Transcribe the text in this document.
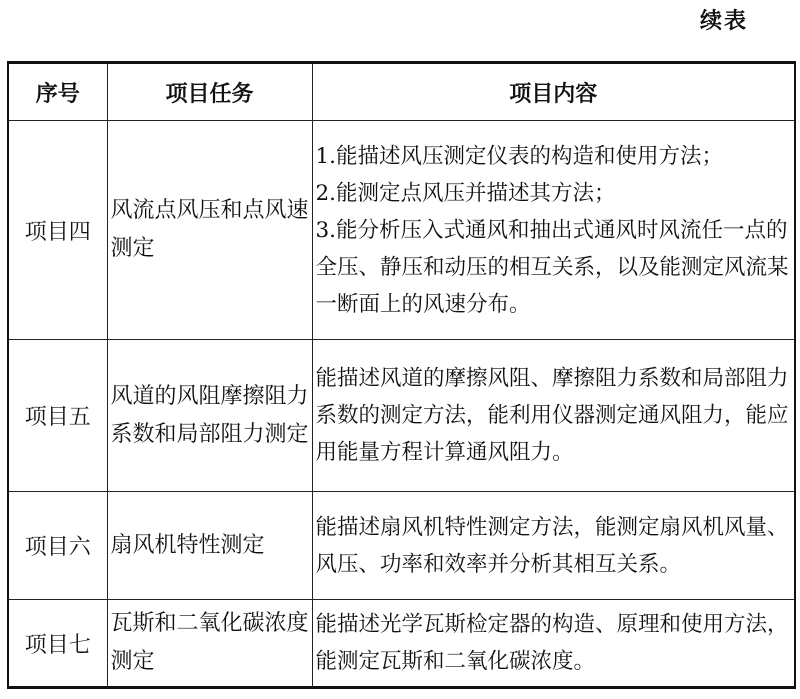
续表
序号	项目任务	项目内容
项目四	风流点风压和点风速测定	1.能描述风压测定仪表的构造和使用方法；
2.能测定点风压并描述其方法；
3.能分析压入式通风和抽出式通风时风流任一点的全压、静压和动压的相互关系，以及能测定风流某一断面上的风速分布。

项目五	风道的风阻摩擦阻力系数和局部阻力测定	能描述风道的摩擦风阻、摩擦阻力系数和局部阻力系数的测定方法，能利用仪器测定通风阻力，能应用能量方程计算通风阻力。

项目六	扇风机特性测定	能描述扇风机特性测定方法，能测定扇风机风量、风压、功率和效率并分析其相互关系。

项目七	瓦斯和二氧化碳浓度测定	能描述光学瓦斯检定器的构造、原理和使用方法，能测定瓦斯和二氧化碳浓度。
